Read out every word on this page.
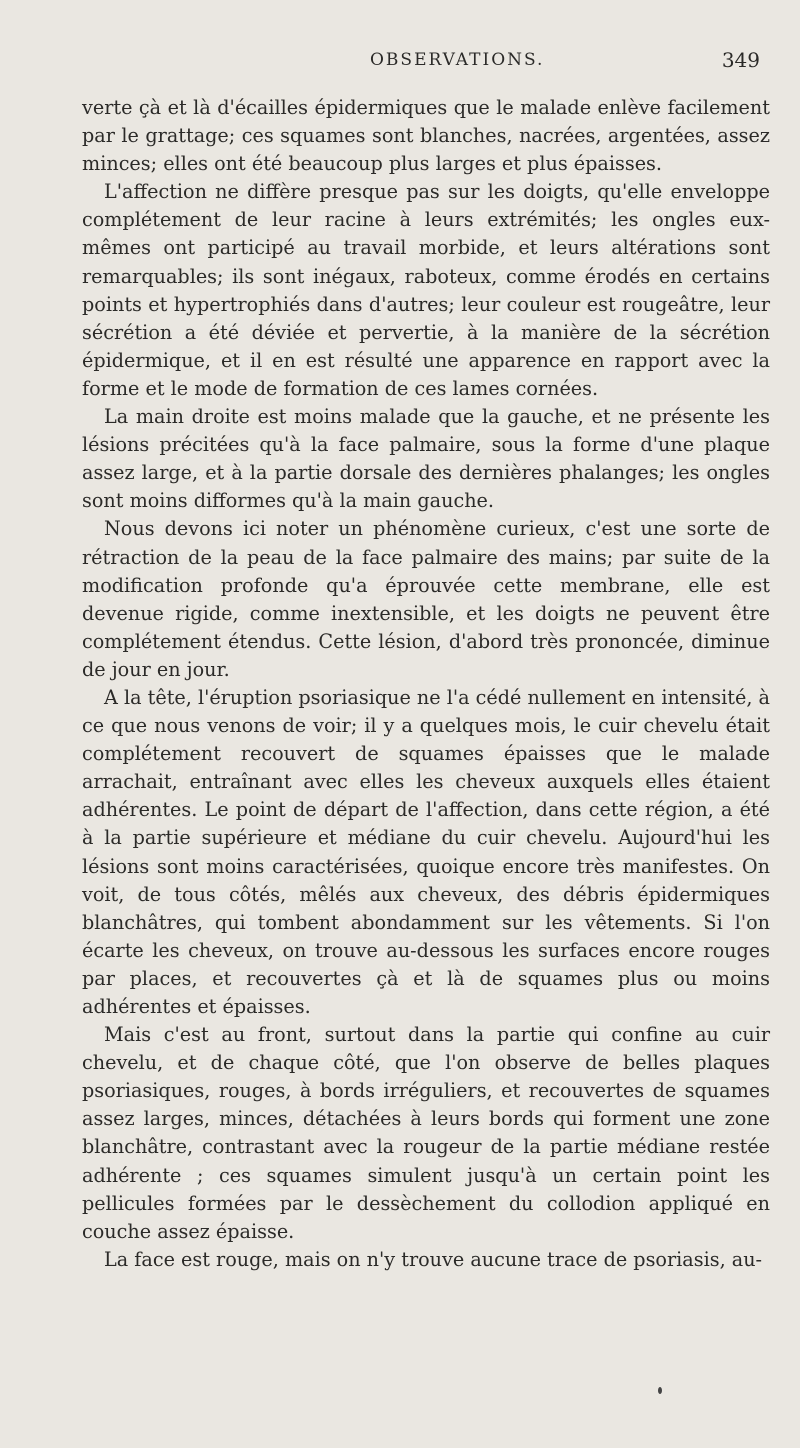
OBSERVATIONS.	349

verte çà et là d'écailles épidermiques que le malade enlève facilement par le grattage; ces squames sont blanches, nacrées, argentées, assez minces; elles ont été beaucoup plus larges et plus épaisses.

L'affection ne diffère presque pas sur les doigts, qu'elle enveloppe complétement de leur racine à leurs extrémités; les ongles eux-mêmes ont participé au travail morbide, et leurs altérations sont remarquables; ils sont inégaux, raboteux, comme érodés en certains points et hypertrophiés dans d'autres; leur couleur est rougeâtre, leur sécrétion a été déviée et pervertie, à la manière de la sécrétion épidermique, et il en est résulté une apparence en rapport avec la forme et le mode de formation de ces lames cornées.

La main droite est moins malade que la gauche, et ne présente les lésions précitées qu'à la face palmaire, sous la forme d'une plaque assez large, et à la partie dorsale des dernières phalanges; les ongles sont moins difformes qu'à la main gauche.

Nous devons ici noter un phénomène curieux, c'est une sorte de rétraction de la peau de la face palmaire des mains; par suite de la modification profonde qu'a éprouvée cette membrane, elle est devenue rigide, comme inextensible, et les doigts ne peuvent être complétement étendus. Cette lésion, d'abord très prononcée, diminue de jour en jour.

A la tête, l'éruption psoriasique ne l'a cédé nullement en intensité, à ce que nous venons de voir; il y a quelques mois, le cuir chevelu était complétement recouvert de squames épaisses que le malade arrachait, entraînant avec elles les cheveux auxquels elles étaient adhérentes. Le point de départ de l'affection, dans cette région, a été à la partie supérieure et médiane du cuir chevelu. Aujourd'hui les lésions sont moins caractérisées, quoique encore très manifestes. On voit, de tous côtés, mêlés aux cheveux, des débris épidermiques blanchâtres, qui tombent abondamment sur les vêtements. Si l'on écarte les cheveux, on trouve au-dessous les surfaces encore rouges par places, et recouvertes çà et là de squames plus ou moins adhérentes et épaisses.

Mais c'est au front, surtout dans la partie qui confine au cuir chevelu, et de chaque côté, que l'on observe de belles plaques psoriasiques, rouges, à bords irréguliers, et recouvertes de squames assez larges, minces, détachées à leurs bords qui forment une zone blanchâtre, contrastant avec la rougeur de la partie médiane restée adhérente ; ces squames simulent jusqu'à un certain point les pellicules formées par le dessèchement du collodion appliqué en couche assez épaisse.

La face est rouge, mais on n'y trouve aucune trace de psoriasis, au-
